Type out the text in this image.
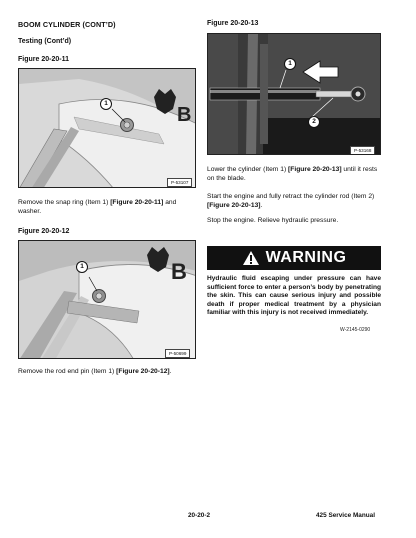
BOOM CYLINDER (CONT’D)
Testing (Cont’d)
Figure 20-20-11
B
1
P-53107
Remove the snap ring (Item 1) [Figure 20-20-11] and washer.
Figure 20-20-12
B
1
P-50699
Remove the rod end pin (Item 1) [Figure 20-20-12].
Figure 20-20-13
1
2
P-53168
Lower the cylinder (Item 1) [Figure 20-20-13] until it rests on the blade.
Start the engine and fully retract the cylinder rod (Item 2) [Figure 20-20-13].
Stop the engine. Relieve hydraulic pressure.
WARNING
Hydraulic fluid escaping under pressure can have sufficient force to enter a person’s body by penetrating the skin. This can cause serious injury and possible death if proper medical treatment by a physician familiar with this injury is not received immediately.
W-2145-0290
20-20-2	425 Service Manual
